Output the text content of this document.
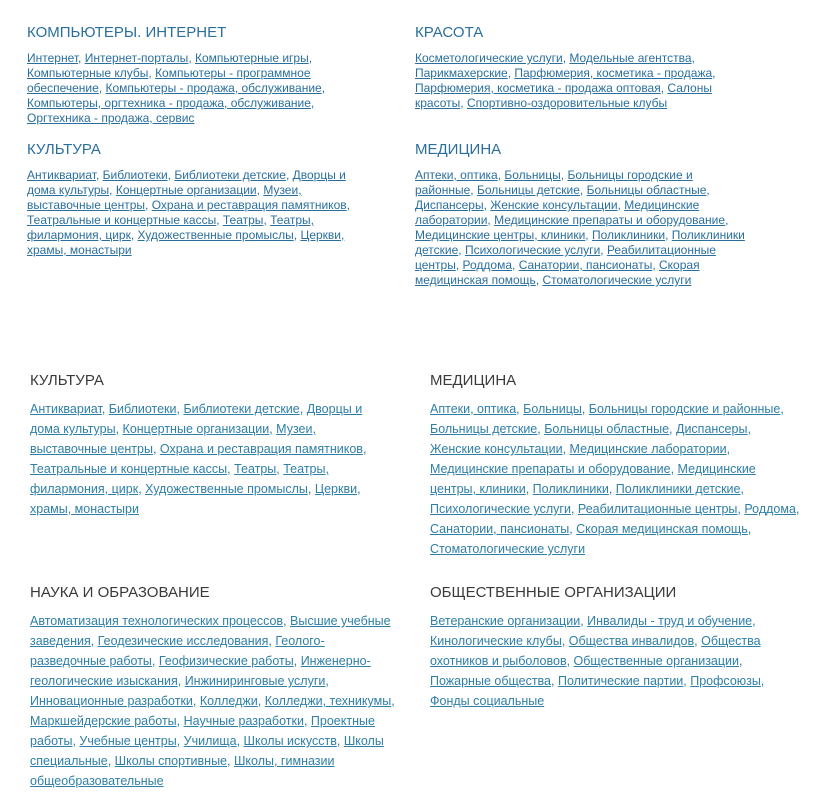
КОМПЬЮТЕРЫ. ИНТЕРНЕТ
Интернет, Интернет-порталы, Компьютерные игры, Компьютерные клубы, Компьютеры - программное обеспечение, Компьютеры - продажа, обслуживание, Компьютеры, оргтехника - продажа, обслуживание, Оргтехника - продажа, сервис
КРАСОТА
Косметологические услуги, Модельные агентства, Парикмахерские, Парфюмерия, косметика - продажа, Парфюмерия, косметика - продажа оптовая, Салоны красоты, Спортивно-оздоровительные клубы
КУЛЬТУРА
Антиквариат, Библиотеки, Библиотеки детские, Дворцы и дома культуры, Концертные организации, Музеи, выставочные центры, Охрана и реставрация памятников, Театральные и концертные кассы, Театры, Театры, филармония, цирк, Художественные промыслы, Церкви, храмы, монастыри
МЕДИЦИНА
Аптеки, оптика, Больницы, Больницы городские и районные, Больницы детские, Больницы областные, Диспансеры, Женские консультации, Медицинские лаборатории, Медицинские препараты и оборудование, Медицинские центры, клиники, Поликлиники, Поликлиники детские, Психологические услуги, Реабилитационные центры, Роддома, Санатории, пансионаты, Скорая медицинская помощь, Стоматологические услуги
КУЛЬТУРА
Антиквариат, Библиотеки, Библиотеки детские, Дворцы и дома культуры, Концертные организации, Музеи, выставочные центры, Охрана и реставрация памятников, Театральные и концертные кассы, Театры, Театры, филармония, цирк, Художественные промыслы, Церкви, храмы, монастыри
МЕДИЦИНА
Аптеки, оптика, Больницы, Больницы городские и районные, Больницы детские, Больницы областные, Диспансеры, Женские консультации, Медицинские лаборатории, Медицинские препараты и оборудование, Медицинские центры, клиники, Поликлиники, Поликлиники детские, Психологические услуги, Реабилитационные центры, Роддома, Санатории, пансионаты, Скорая медицинская помощь, Стоматологические услуги
НАУКА И ОБРАЗОВАНИЕ
Автоматизация технологических процессов, Высшие учебные заведения, Геодезические исследования, Геолого-разведочные работы, Геофизические работы, Инженерно-геологические изыскания, Инжиниринговые услуги, Инновационные разработки, Колледжи, Колледжи, техникумы, Маркшейдерские работы, Научные разработки, Проектные работы, Учебные центры, Училища, Школы искусств, Школы специальные, Школы спортивные, Школы, гимназии общеобразовательные
ОБЩЕСТВЕННЫЕ ОРГАНИЗАЦИИ
Ветеранские организации, Инвалиды - труд и обучение, Кинологические клубы, Общества инвалидов, Общества охотников и рыболовов, Общественные организации, Пожарные общества, Политические партии, Профсоюзы, Фонды социальные
